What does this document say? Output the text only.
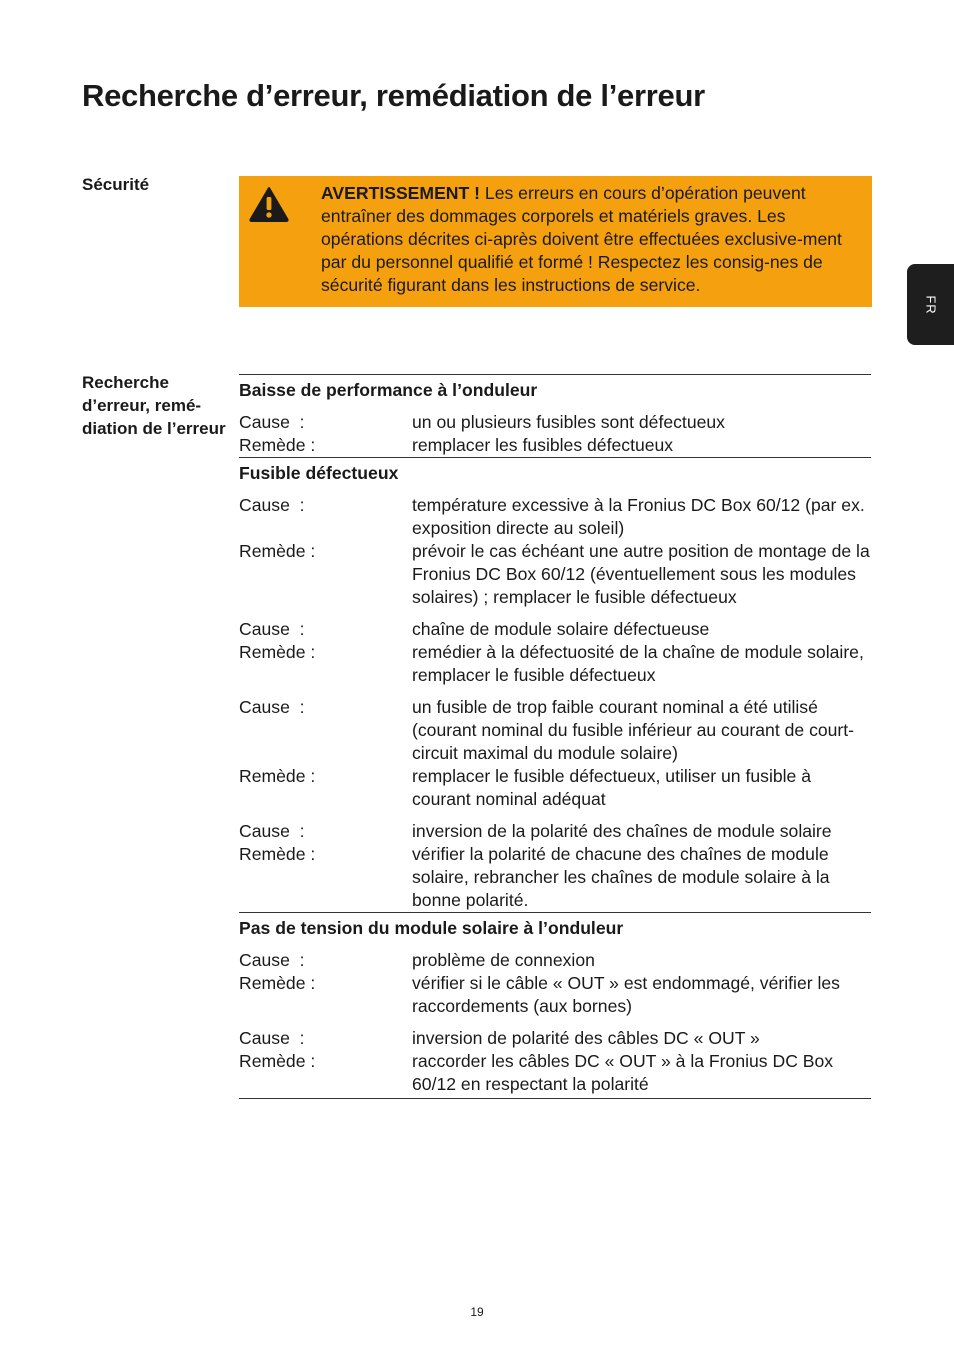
Recherche d’erreur, remédiation de l’erreur
FR
Sécurité	AVERTISSEMENT ! Les erreurs en cours d’opération peuvent entraîner des dommages corporels et matériels graves. Les opérations décrites ci-après doivent être effectuées exclusive-ment par du personnel qualifié et formé ! Respectez les consig-nes de sécurité figurant dans les instructions de service.
Recherche d’erreur, remé-diation de l’erreur
Baisse de performance à l’onduleur
Cause  :	un ou plusieurs fusibles sont défectueux
Remède :	remplacer les fusibles défectueux
Fusible défectueux
Cause  :	température excessive à la Fronius DC Box 60/12 (par ex. exposition directe au soleil)
Remède :	prévoir le cas échéant une autre position de montage de la Fronius DC Box 60/12 (éventuellement sous les modules solaires) ; remplacer le fusible défectueux
Cause  :	chaîne de module solaire défectueuse
Remède :	remédier à la défectuosité de la chaîne de module solaire, remplacer le fusible défectueux
Cause  :	un fusible de trop faible courant nominal a été utilisé (courant nominal du fusible inférieur au courant de court-circuit maximal du module solaire)
Remède :	remplacer le fusible défectueux, utiliser un fusible à courant nominal adéquat
Cause  :	inversion de la polarité des chaînes de module solaire
Remède :	vérifier la polarité de chacune des chaînes de module solaire, rebrancher les chaînes de module solaire à la bonne polarité.
Pas de tension du module solaire à l’onduleur
Cause  :	problème de connexion
Remède :	vérifier si le câble « OUT » est endommagé, vérifier les raccordements (aux bornes)
Cause  :	inversion de polarité des câbles DC « OUT »
Remède :	raccorder les câbles DC « OUT » à la Fronius DC Box 60/12 en respectant la polarité
19
